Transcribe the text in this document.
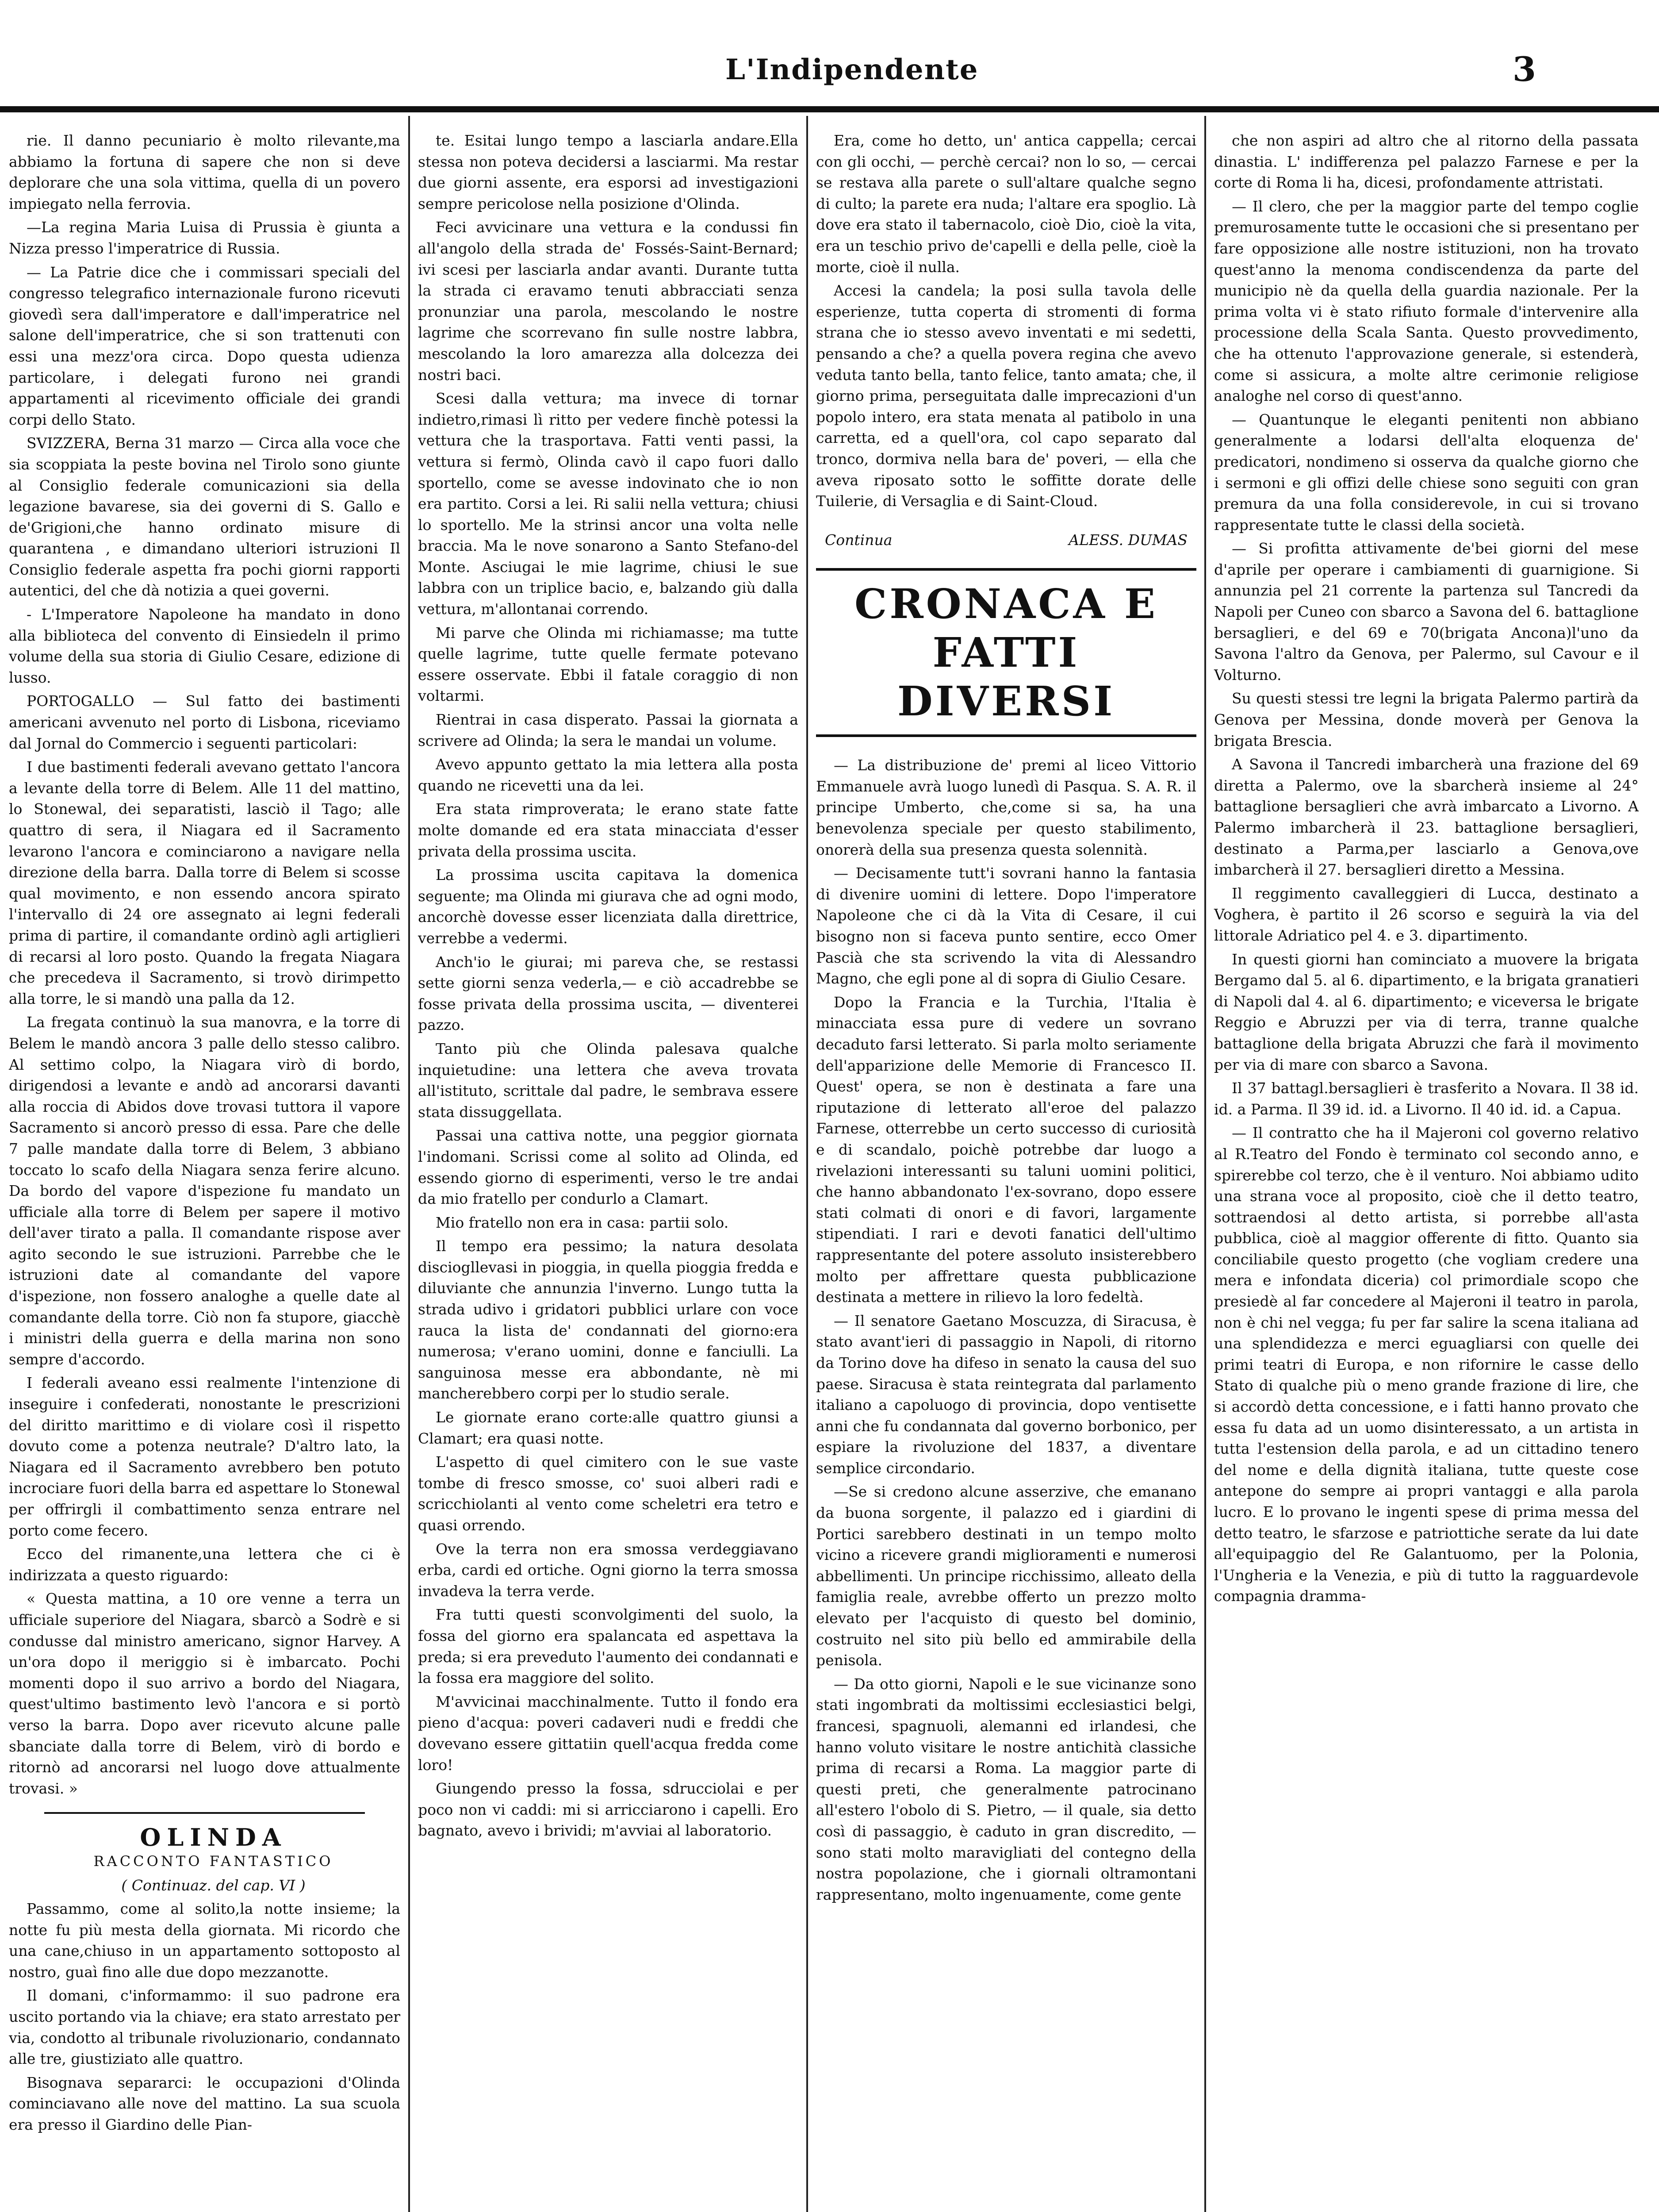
L'Indipendente	3

rie. Il danno pecuniario è molto rilevante,ma abbiamo la fortuna di sapere che non si deve deplorare che una sola vittima, quella di un povero impiegato nella ferrovia.

—La regina Maria Luisa di Prussia è giunta a Nizza presso l'imperatrice di Russia.

— La Patrie dice che i commissari speciali del congresso telegrafico internazionale furono ricevuti giovedì sera dall'imperatore e dall'imperatrice nel salone dell'imperatrice, che si son trattenuti con essi una mezz'ora circa. Dopo questa udienza particolare, i delegati furono nei grandi appartamenti al ricevimento officiale dei grandi corpi dello Stato.

SVIZZERA, Berna 31 marzo — Circa alla voce che sia scoppiata la peste bovina nel Tirolo sono giunte al Consiglio federale comunicazioni sia della legazione bavarese, sia dei governi di S. Gallo e de'Grigioni,che hanno ordinato misure di quarantena , e dimandano ulteriori istruzioni Il Consiglio federale aspetta fra pochi giorni rapporti autentici, del che dà notizia a quei governi.

- L'Imperatore Napoleone ha mandato in dono alla biblioteca del convento di Einsiedeln il primo volume della sua storia di Giulio Cesare, edizione di lusso.

PORTOGALLO — Sul fatto dei bastimenti americani avvenuto nel porto di Lisbona, riceviamo dal Jornal do Commercio i seguenti particolari:

I due bastimenti federali avevano gettato l'ancora a levante della torre di Belem. Alle 11 del mattino, lo Stonewal, dei separatisti, lasciò il Tago; alle quattro di sera, il Niagara ed il Sacramento levarono l'ancora e cominciarono a navigare nella direzione della barra. Dalla torre di Belem si scosse qual movimento, e non essendo ancora spirato l'intervallo di 24 ore assegnato ai legni federali prima di partire, il comandante ordinò agli artiglieri di recarsi al loro posto. Quando la fregata Niagara che precedeva il Sacramento, si trovò dirimpetto alla torre, le si mandò una palla da 12.

La fregata continuò la sua manovra, e la torre di Belem le mandò ancora 3 palle dello stesso calibro. Al settimo colpo, la Niagara virò di bordo, dirigendosi a levante e andò ad ancorarsi davanti alla roccia di Abidos dove trovasi tuttora il vapore Sacramento si ancorò presso di essa. Pare che delle 7 palle mandate dalla torre di Belem, 3 abbiano toccato lo scafo della Niagara senza ferire alcuno. Da bordo del vapore d'ispezione fu mandato un ufficiale alla torre di Belem per sapere il motivo dell'aver tirato a palla. Il comandante rispose aver agito secondo le sue istruzioni. Parrebbe che le istruzioni date al comandante del vapore d'ispezione, non fossero analoghe a quelle date al comandante della torre. Ciò non fa stupore, giacchè i ministri della guerra e della marina non sono sempre d'accordo.

I federali aveano essi realmente l'intenzione di inseguire i confederati, nonostante le prescrizioni del diritto marittimo e di violare così il rispetto dovuto come a potenza neutrale? D'altro lato, la Niagara ed il Sacramento avrebbero ben potuto incrociare fuori della barra ed aspettare lo Stonewal per offrirgli il combattimento senza entrare nel porto come fecero.

Ecco del rimanente,una lettera che ci è indirizzata a questo riguardo:

« Questa mattina, a 10 ore venne a terra un ufficiale superiore del Niagara, sbarcò a Sodrè e si condusse dal ministro americano, signor Harvey. A un'ora dopo il meriggio si è imbarcato. Pochi momenti dopo il suo arrivo a bordo del Niagara, quest'ultimo bastimento levò l'ancora e si portò verso la barra. Dopo aver ricevuto alcune palle sbanciate dalla torre di Belem, virò di bordo e ritornò ad ancorarsi nel luogo dove attualmente trovasi. »

OLINDA

RACCONTO FANTASTICO

( Continuaz. del cap. VI )

Passammo, come al solito,la notte insieme; la notte fu più mesta della giornata. Mi ricordo che una cane,chiuso in un appartamento sottoposto al nostro, guaì fino alle due dopo mezzanotte.

Il domani, c'informammo: il suo padrone era uscito portando via la chiave; era stato arrestato per via, condotto al tribunale rivoluzionario, condannato alle tre, giustiziato alle quattro.

Bisognava separarci: le occupazioni d'Olinda cominciavano alle nove del mattino. La sua scuola era presso il Giardino delle Pian-

te. Esitai lungo tempo a lasciarla andare.Ella stessa non poteva decidersi a lasciarmi. Ma restar due giorni assente, era esporsi ad investigazioni sempre pericolose nella posizione d'Olinda.

Feci avvicinare una vettura e la condussi fin all'angolo della strada de' Fossés-Saint-Bernard; ivi scesi per lasciarla andar avanti. Durante tutta la strada ci eravamo tenuti abbracciati senza pronunziar una parola, mescolando le nostre lagrime che scorrevano fin sulle nostre labbra, mescolando la loro amarezza alla dolcezza dei nostri baci.

Scesi dalla vettura; ma invece di tornar indietro,rimasi lì ritto per vedere finchè potessi la vettura che la trasportava. Fatti venti passi, la vettura si fermò, Olinda cavò il capo fuori dallo sportello, come se avesse indovinato che io non era partito. Corsi a lei. Ri salii nella vettura; chiusi lo sportello. Me la strinsi ancor una volta nelle braccia. Ma le nove sonarono a Santo Stefano-del Monte. Asciugai le mie lagrime, chiusi le sue labbra con un triplice bacio, e, balzando giù dalla vettura, m'allontanai correndo.

Mi parve che Olinda mi richiamasse; ma tutte quelle lagrime, tutte quelle fermate potevano essere osservate. Ebbi il fatale coraggio di non voltarmi.

Rientrai in casa disperato. Passai la giornata a scrivere ad Olinda; la sera le mandai un volume.

Avevo appunto gettato la mia lettera alla posta quando ne ricevetti una da lei.

Era stata rimproverata; le erano state fatte molte domande ed era stata minacciata d'esser privata della prossima uscita.

La prossima uscita capitava la domenica seguente; ma Olinda mi giurava che ad ogni modo, ancorchè dovesse esser licenziata dalla direttrice, verrebbe a vedermi.

Anch'io le giurai; mi pareva che, se restassi sette giorni senza vederla,— e ciò accadrebbe se fosse privata della prossima uscita, — diventerei pazzo.

Tanto più che Olinda palesava qualche inquietudine: una lettera che aveva trovata all'istituto, scrittale dal padre, le sembrava essere stata dissuggellata.

Passai una cattiva notte, una peggior giornata l'indomani. Scrissi come al solito ad Olinda, ed essendo giorno di esperimenti, verso le tre andai da mio fratello per condurlo a Clamart.

Mio fratello non era in casa: partii solo.

Il tempo era pessimo; la natura desolata disciogllevasi in pioggia, in quella pioggia fredda e diluviante che annunzia l'inverno. Lungo tutta la strada udivo i gridatori pubblici urlare con voce rauca la lista de' condannati del giorno:era numerosa; v'erano uomini, donne e fanciulli. La sanguinosa messe era abbondante, nè mi mancherebbero corpi per lo studio serale.

Le giornate erano corte:alle quattro giunsi a Clamart; era quasi notte.

L'aspetto di quel cimitero con le sue vaste tombe di fresco smosse, co' suoi alberi radi e scricchiolanti al vento come scheletri era tetro e quasi orrendo.

Ove la terra non era smossa verdeggiavano erba, cardi ed ortiche. Ogni giorno la terra smossa invadeva la terra verde.

Fra tutti questi sconvolgimenti del suolo, la fossa del giorno era spalancata ed aspettava la preda; si era preveduto l'aumento dei condannati e la fossa era maggiore del solito.

M'avvicinai macchinalmente. Tutto il fondo era pieno d'acqua: poveri cadaveri nudi e freddi che dovevano essere gittatiin quell'acqua fredda come loro!

Giungendo presso la fossa, sdrucciolai e per poco non vi caddi: mi si arricciarono i capelli. Ero bagnato, avevo i brividi; m'avviai al laboratorio.

Era, come ho detto, un' antica cappella; cercai con gli occhi, — perchè cercai? non lo so, — cercai se restava alla parete o sull'altare qualche segno di culto; la parete era nuda; l'altare era spoglio. Là dove era stato il tabernacolo, cioè Dio, cioè la vita, era un teschio privo de'capelli e della pelle, cioè la morte, cioè il nulla.

Accesi la candela; la posi sulla tavola delle esperienze, tutta coperta di stromenti di forma strana che io stesso avevo inventati e mi sedetti, pensando a che? a quella povera regina che avevo veduta tanto bella, tanto felice, tanto amata; che, il giorno prima, perseguitata dalle imprecazioni d'un popolo intero, era stata menata al patibolo in una carretta, ed a quell'ora, col capo separato dal tronco, dormiva nella bara de' poveri, — ella che aveva riposato sotto le soffitte dorate delle Tuilerie, di Versaglia e di Saint-Cloud.

Continua	ALESS. DUMAS
CRONACA E FATTI DIVERSI

— La distribuzione de' premi al liceo Vittorio Emmanuele avrà luogo lunedì di Pasqua. S. A. R. il principe Umberto, che,come si sa, ha una benevolenza speciale per questo stabilimento, onorerà della sua presenza questa solennità.

— Decisamente tutt'i sovrani hanno la fantasia di divenire uomini di lettere. Dopo l'imperatore Napoleone che ci dà la Vita di Cesare, il cui bisogno non si faceva punto sentire, ecco Omer Pascià che sta scrivendo la vita di Alessandro Magno, che egli pone al di sopra di Giulio Cesare.

Dopo la Francia e la Turchia, l'Italia è minacciata essa pure di vedere un sovrano decaduto farsi letterato. Si parla molto seriamente dell'apparizione delle Memorie di Francesco II. Quest' opera, se non è destinata a fare una riputazione di letterato all'eroe del palazzo Farnese, otterrebbe un certo successo di curiosità e di scandalo, poichè potrebbe dar luogo a rivelazioni interessanti su taluni uomini politici, che hanno abbandonato l'ex-sovrano, dopo essere stati colmati di onori e di favori, largamente stipendiati. I rari e devoti fanatici dell'ultimo rappresentante del potere assoluto insisterebbero molto per affrettare questa pubblicazione destinata a mettere in rilievo la loro fedeltà.

— Il senatore Gaetano Moscuzza, di Siracusa, è stato avant'ieri di passaggio in Napoli, di ritorno da Torino dove ha difeso in senato la causa del suo paese. Siracusa è stata reintegrata dal parlamento italiano a capoluogo di provincia, dopo ventisette anni che fu condannata dal governo borbonico, per espiare la rivoluzione del 1837, a diventare semplice circondario.

—Se si credono alcune asserzive, che emanano da buona sorgente, il palazzo ed i giardini di Portici sarebbero destinati in un tempo molto vicino a ricevere grandi miglioramenti e numerosi abbellimenti. Un principe ricchissimo, alleato della famiglia reale, avrebbe offerto un prezzo molto elevato per l'acquisto di questo bel dominio, costruito nel sito più bello ed ammirabile della penisola.

— Da otto giorni, Napoli e le sue vicinanze sono stati ingombrati da moltissimi ecclesiastici belgi, francesi, spagnuoli, alemanni ed irlandesi, che hanno voluto visitare le nostre antichità classiche prima di recarsi a Roma. La maggior parte di questi preti, che generalmente patrocinano all'estero l'obolo di S. Pietro, — il quale, sia detto così di passaggio, è caduto in gran discredito, — sono stati molto maravigliati del contegno della nostra popolazione, che i giornali oltramontani rappresentano, molto ingenuamente, come gente

che non aspiri ad altro che al ritorno della passata dinastia. L' indifferenza pel palazzo Farnese e per la corte di Roma li ha, dicesi, profondamente attristati.

— Il clero, che per la maggior parte del tempo coglie premurosamente tutte le occasioni che si presentano per fare opposizione alle nostre istituzioni, non ha trovato quest'anno la menoma condiscendenza da parte del municipio nè da quella della guardia nazionale. Per la prima volta vi è stato rifiuto formale d'intervenire alla processione della Scala Santa. Questo provvedimento, che ha ottenuto l'approvazione generale, si estenderà, come si assicura, a molte altre cerimonie religiose analoghe nel corso di quest'anno.

— Quantunque le eleganti penitenti non abbiano generalmente a lodarsi dell'alta eloquenza de' predicatori, nondimeno si osserva da qualche giorno che i sermoni e gli offizi delle chiese sono seguiti con gran premura da una folla considerevole, in cui si trovano rappresentate tutte le classi della società.

— Si profitta attivamente de'bei giorni del mese d'aprile per operare i cambiamenti di guarnigione. Si annunzia pel 21 corrente la partenza sul Tancredi da Napoli per Cuneo con sbarco a Savona del 6. battaglione bersaglieri, e del 69 e 70(brigata Ancona)l'uno da Savona l'altro da Genova, per Palermo, sul Cavour e il Volturno.

Su questi stessi tre legni la brigata Palermo partirà da Genova per Messina, donde moverà per Genova la brigata Brescia.

A Savona il Tancredi imbarcherà una frazione del 69 diretta a Palermo, ove la sbarcherà insieme al 24° battaglione bersaglieri che avrà imbarcato a Livorno. A Palermo imbarcherà il 23. battaglione bersaglieri, destinato a Parma,per lasciarlo a Genova,ove imbarcherà il 27. bersaglieri diretto a Messina.

Il reggimento cavalleggieri di Lucca, destinato a Voghera, è partito il 26 scorso e seguirà la via del littorale Adriatico pel 4. e 3. dipartimento.

In questi giorni han cominciato a muovere la brigata Bergamo dal 5. al 6. dipartimento, e la brigata granatieri di Napoli dal 4. al 6. dipartimento; e viceversa le brigate Reggio e Abruzzi per via di terra, tranne qualche battaglione della brigata Abruzzi che farà il movimento per via di mare con sbarco a Savona.

Il 37 battagl.bersaglieri è trasferito a Novara. Il 38 id. id. a Parma. Il 39 id. id. a Livorno. Il 40 id. id. a Capua.

— Il contratto che ha il Majeroni col governo relativo al R.Teatro del Fondo è terminato col secondo anno, e spirerebbe col terzo, che è il venturo. Noi abbiamo udito una strana voce al proposito, cioè che il detto teatro, sottraendosi al detto artista, si porrebbe all'asta pubblica, cioè al maggior offerente di fitto. Quanto sia conciliabile questo progetto (che vogliam credere una mera e infondata diceria) col primordiale scopo che presiedè al far concedere al Majeroni il teatro in parola, non è chi nel vegga; fu per far salire la scena italiana ad una splendidezza e merci eguagliarsi con quelle dei primi teatri di Europa, e non rifornire le casse dello Stato di qualche più o meno grande frazione di lire, che si accordò detta concessione, e i fatti hanno provato che essa fu data ad un uomo disinteressato, a un artista in tutta l'estension della parola, e ad un cittadino tenero del nome e della dignità italiana, tutte queste cose antepone do sempre ai propri vantaggi e alla parola lucro. E lo provano le ingenti spese di prima messa del detto teatro, le sfarzose e patriottiche serate da lui date all'equipaggio del Re Galantuomo, per la Polonia, l'Ungheria e la Venezia, e più di tutto la ragguardevole compagnia dramma-
